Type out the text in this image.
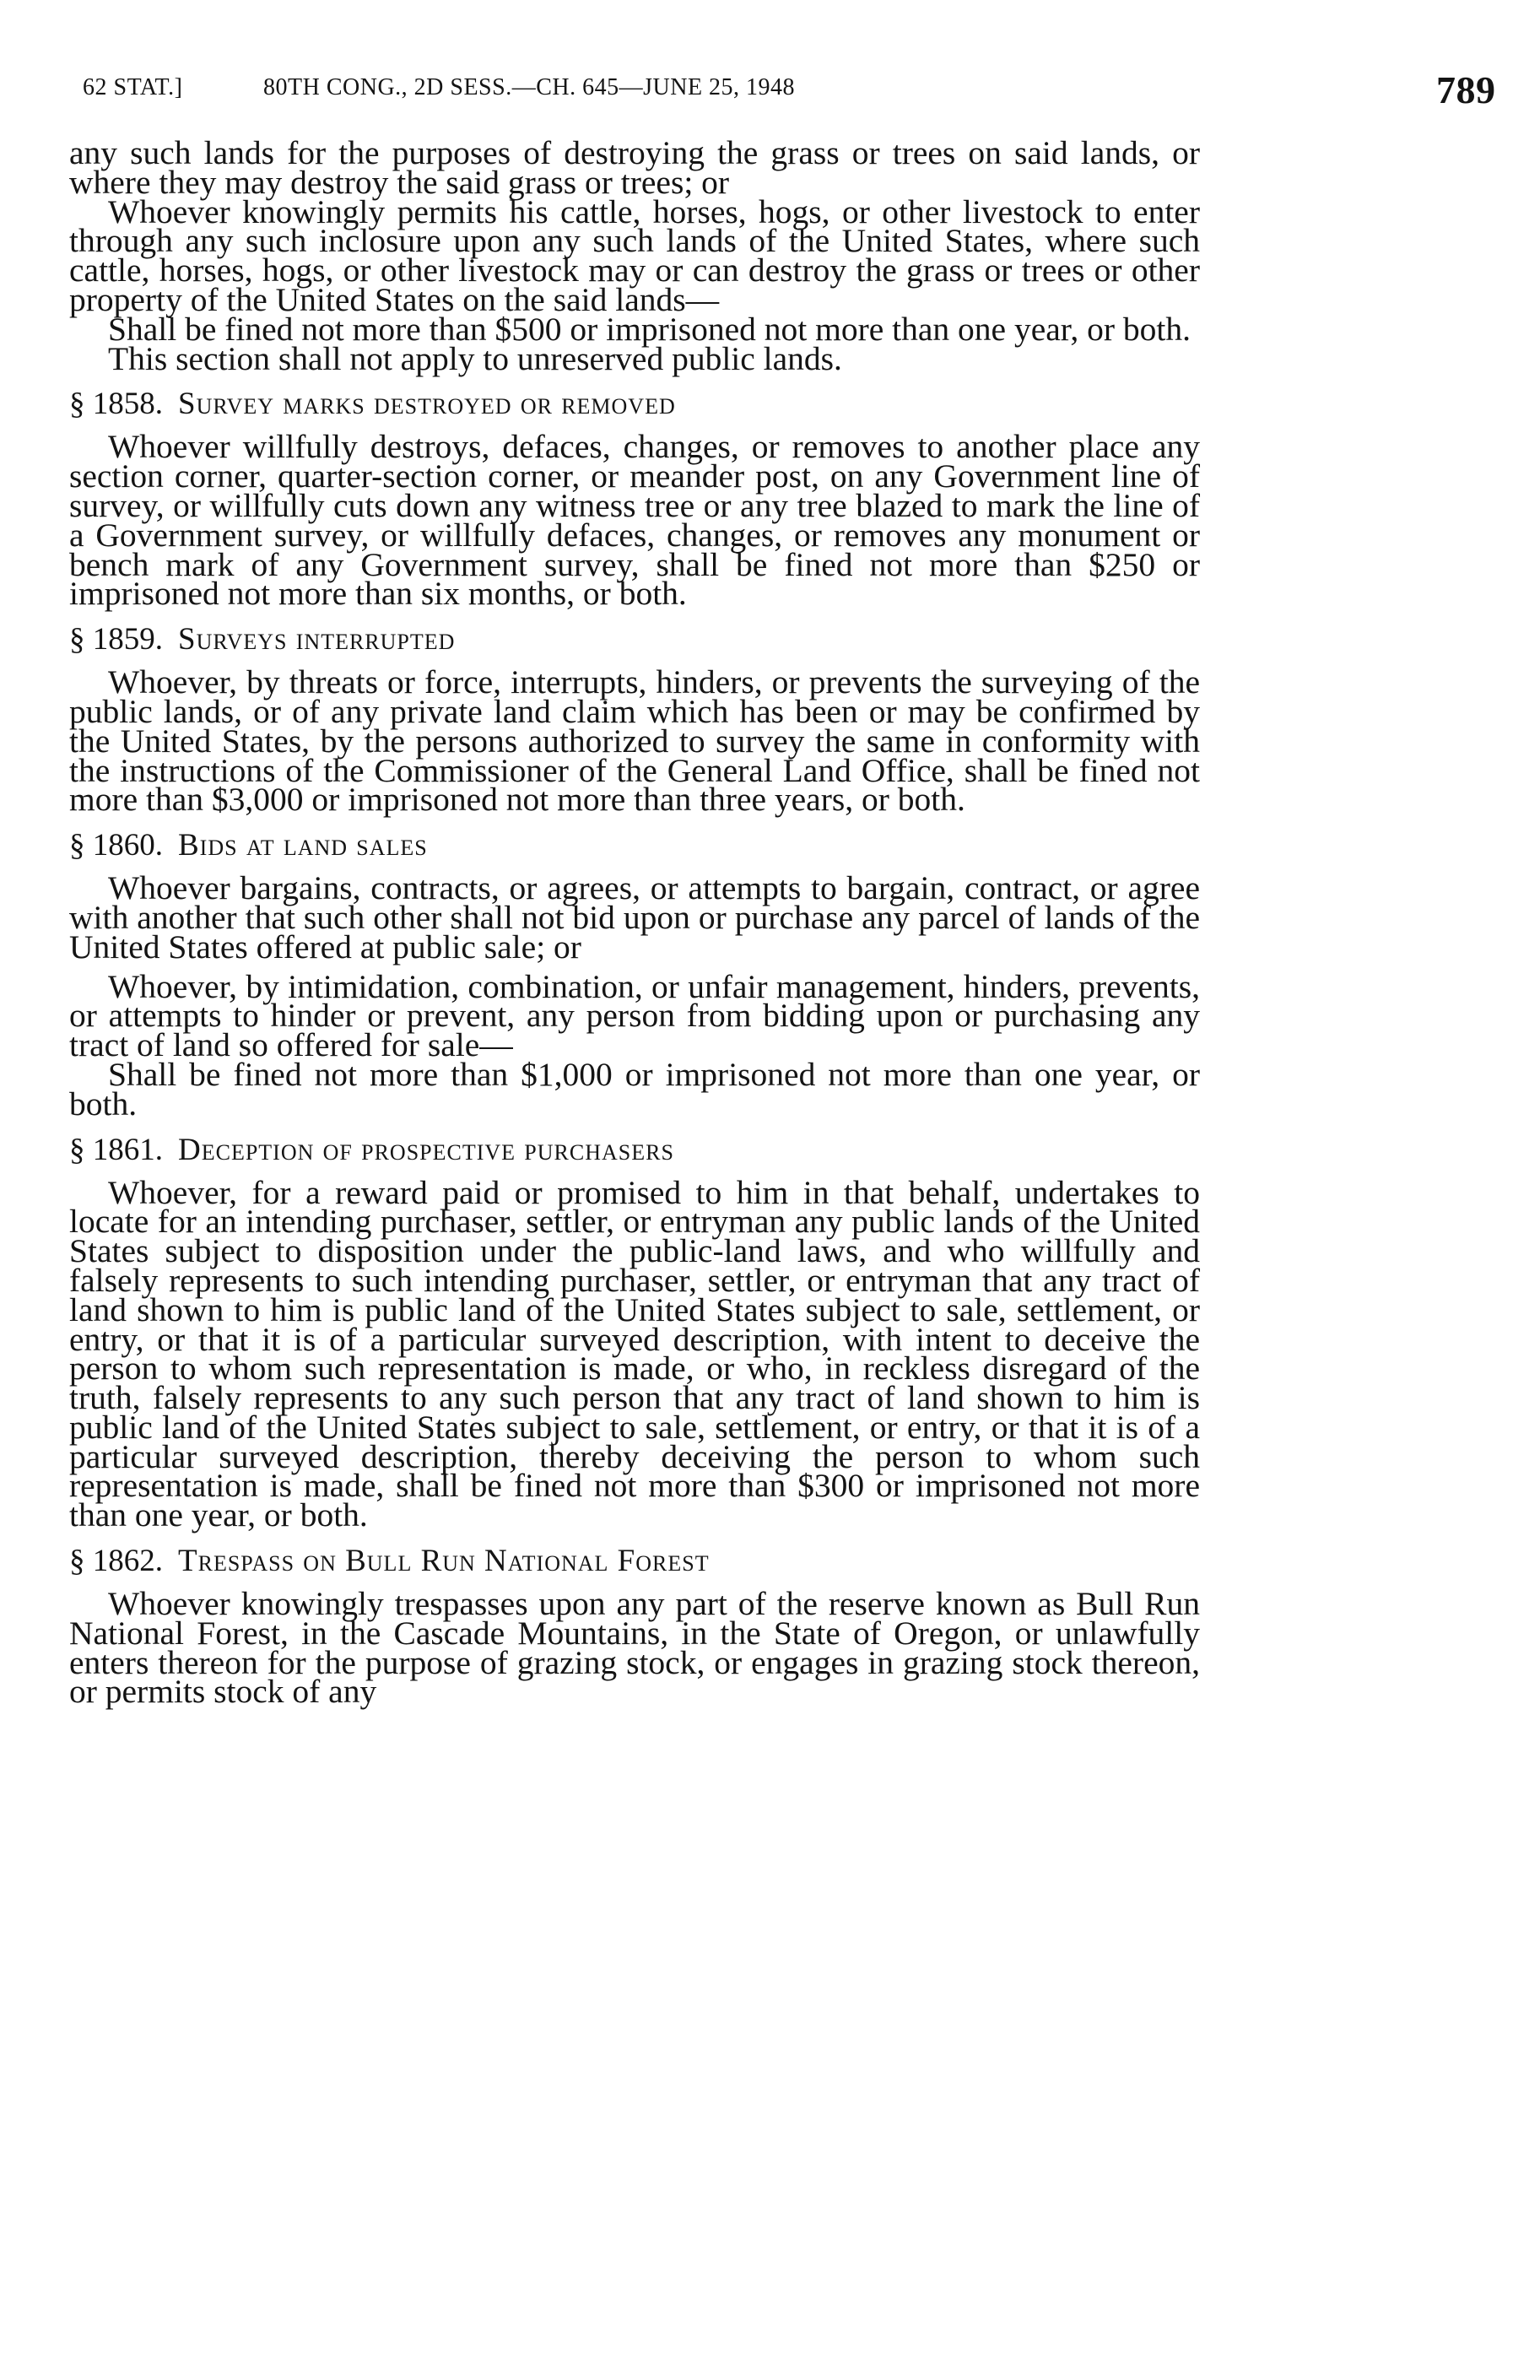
62 STAT.]	80TH CONG., 2D SESS.—CH. 645—JUNE 25, 1948	789

any such lands for the purposes of destroying the grass or trees on said lands, or where they may destroy the said grass or trees; or

Whoever knowingly permits his cattle, horses, hogs, or other livestock to enter through any such inclosure upon any such lands of the United States, where such cattle, horses, hogs, or other livestock may or can destroy the grass or trees or other property of the United States on the said lands—

Shall be fined not more than $500 or imprisoned not more than one year, or both.

This section shall not apply to unreserved public lands.

§ 1858. Survey marks destroyed or removed

Whoever willfully destroys, defaces, changes, or removes to another place any section corner, quarter-section corner, or meander post, on any Government line of survey, or willfully cuts down any witness tree or any tree blazed to mark the line of a Government survey, or willfully defaces, changes, or removes any monument or bench mark of any Government survey, shall be fined not more than $250 or imprisoned not more than six months, or both.

§ 1859. Surveys interrupted

Whoever, by threats or force, interrupts, hinders, or prevents the surveying of the public lands, or of any private land claim which has been or may be confirmed by the United States, by the persons authorized to survey the same in conformity with the instructions of the Commissioner of the General Land Office, shall be fined not more than $3,000 or imprisoned not more than three years, or both.

§ 1860. Bids at land sales

Whoever bargains, contracts, or agrees, or attempts to bargain, contract, or agree with another that such other shall not bid upon or purchase any parcel of lands of the United States offered at public sale; or

Whoever, by intimidation, combination, or unfair management, hinders, prevents, or attempts to hinder or prevent, any person from bidding upon or purchasing any tract of land so offered for sale—

Shall be fined not more than $1,000 or imprisoned not more than one year, or both.

§ 1861. Deception of prospective purchasers

Whoever, for a reward paid or promised to him in that behalf, undertakes to locate for an intending purchaser, settler, or entryman any public lands of the United States subject to disposition under the public-land laws, and who willfully and falsely represents to such intending purchaser, settler, or entryman that any tract of land shown to him is public land of the United States subject to sale, settlement, or entry, or that it is of a particular surveyed description, with intent to deceive the person to whom such representation is made, or who, in reckless disregard of the truth, falsely represents to any such person that any tract of land shown to him is public land of the United States subject to sale, settlement, or entry, or that it is of a particular surveyed description, thereby deceiving the person to whom such representation is made, shall be fined not more than $300 or imprisoned not more than one year, or both.

§ 1862. Trespass on Bull Run National Forest

Whoever knowingly trespasses upon any part of the reserve known as Bull Run National Forest, in the Cascade Mountains, in the State of Oregon, or unlawfully enters thereon for the purpose of grazing stock, or engages in grazing stock thereon, or permits stock of any
